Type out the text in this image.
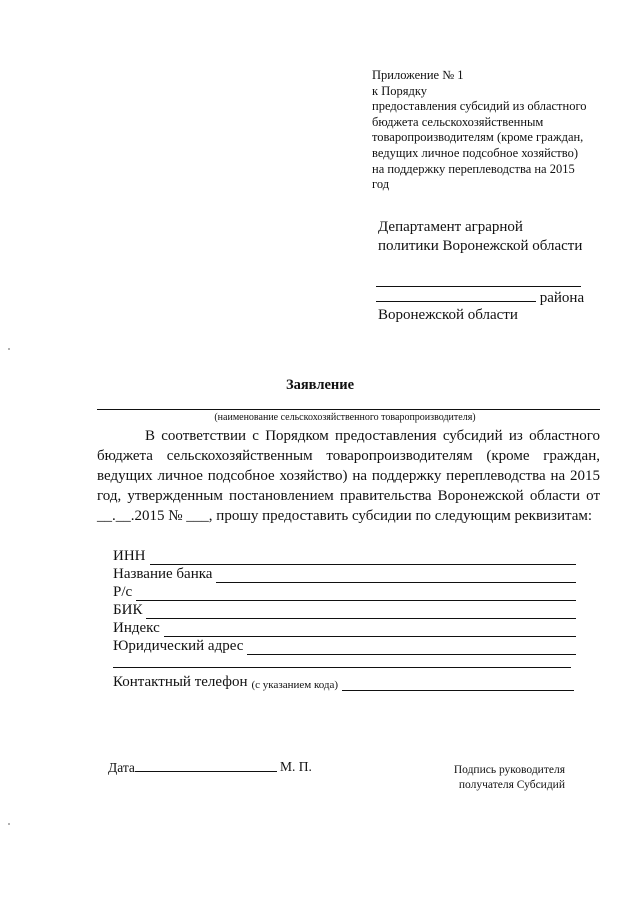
Приложение № 1
к Порядку
предоставления субсидий из областного
бюджета сельскохозяйственным
товаропроизводителям (кроме граждан,
ведущих личное подсобное хозяйство)
на поддержку переплеводства на 2015
год
Департамент аграрной
политики Воронежской области
района
Воронежской области
Заявление
(наименование сельскохозяйственного товаропроизводителя)
В соответствии с Порядком предоставления субсидий из областного бюджета сельскохозяйственным товаропроизводителям (кроме граждан, ведущих личное подсобное хозяйство) на поддержку переплеводства на 2015 год, утвержденным постановлением правительства Воронежской области от __.__.2015 № ___, прошу предоставить субсидии по следующим реквизитам:
ИНН
Название банка
Р/с
БИК
Индекс
Юридический адрес
Контактный телефон (с указанием кода)
Дата	М. П.	Подпись руководителя
получателя Субсидий
